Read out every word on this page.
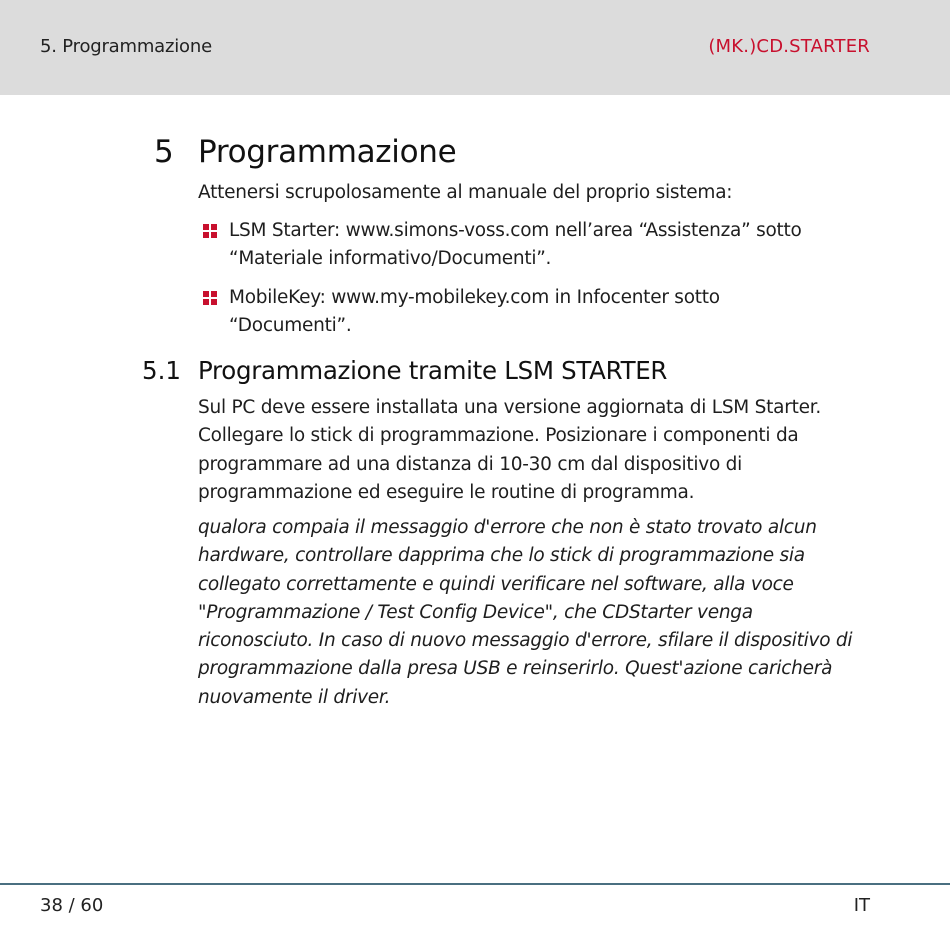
5. Programmazione	(MK.)CD.STARTER
5 Programmazione
Attenersi scrupolosamente al manuale del proprio sistema:
LSM Starter: www.simons-voss.com nell’area “Assistenza” sotto
“Materiale informativo/Documenti”.
MobileKey: www.my-mobilekey.com in Infocenter sotto
“Documenti”.
5.1 Programmazione tramite LSM STARTER
Sul PC deve essere installata una versione aggiornata di LSM Starter.
Collegare lo stick di programmazione. Posizionare i componenti da
programmare ad una distanza di 10-30 cm dal dispositivo di
programmazione ed eseguire le routine di programma.
qualora compaia il messaggio d'errore che non è stato trovato alcun
hardware, controllare dapprima che lo stick di programmazione sia
collegato correttamente e quindi verificare nel software, alla voce
"Programmazione / Test Config Device", che CDStarter venga
riconosciuto. In caso di nuovo messaggio d'errore, sfilare il dispositivo di
programmazione dalla presa USB e reinserirlo. Quest'azione caricherà
nuovamente il driver.
38 / 60	IT
